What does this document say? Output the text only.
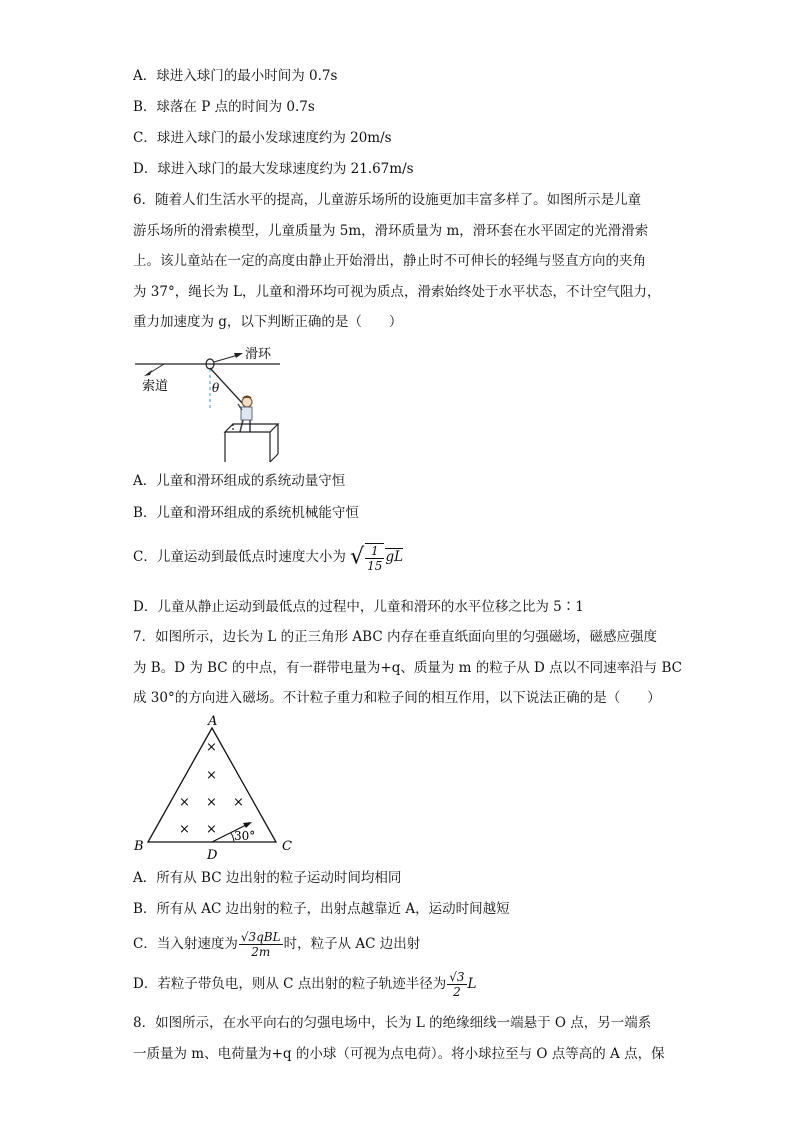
A．球进入球门的最小时间为 0.7s
B．球落在 P 点的时间为 0.7s
C．球进入球门的最小发球速度约为 20m/s
D．球进入球门的最大发球速度约为 21.67m/s
6．随着人们生活水平的提高，儿童游乐场所的设施更加丰富多样了。如图所示是儿童
游乐场所的滑索模型，儿童质量为 5m，滑环质量为 m，滑环套在水平固定的光滑滑索
上。该儿童站在一定的高度由静止开始滑出，静止时不可伸长的轻绳与竖直方向的夹角
为 37°，绳长为 L，儿童和滑环均可视为质点，滑索始终处于水平状态，不计空气阻力，
重力加速度为 g，以下判断正确的是（　　）
索道
滑环
θ
A．儿童和滑环组成的系统动量守恒
B．儿童和滑环组成的系统机械能守恒
C．儿童运动到最低点时速度大小为 √ $\frac{1}{15}$ gL
D．儿童从静止运动到最低点的过程中，儿童和滑环的水平位移之比为 5∶1
7．如图所示，边长为 L 的正三角形 ABC 内存在垂直纸面向里的匀强磁场，磁感应强度
为 B。D 为 BC 的中点，有一群带电量为+q、质量为 m 的粒子从 D 点以不同速率沿与 BC
成 30°的方向进入磁场。不计粒子重力和粒子间的相互作用，以下说法正确的是（　　）
A
B	C
D
×
×
× × ×
× × 30°
A．所有从 BC 边出射的粒子运动时间均相同
B．所有从 AC 边出射的粒子，出射点越靠近 A，运动时间越短
C．当入射速度为 $\frac{\text{√3qBL}}{2m}$ 时，粒子从 AC 边出射
D．若粒子带负电，则从 C 点出射的粒子轨迹半径为 $\frac{√3}{2}$ L
8．如图所示，在水平向右的匀强电场中，长为 L 的绝缘细线一端悬于 O 点，另一端系
一质量为 m、电荷量为+q 的小球（可视为点电荷）。将小球拉至与 O 点等高的 A 点，保
